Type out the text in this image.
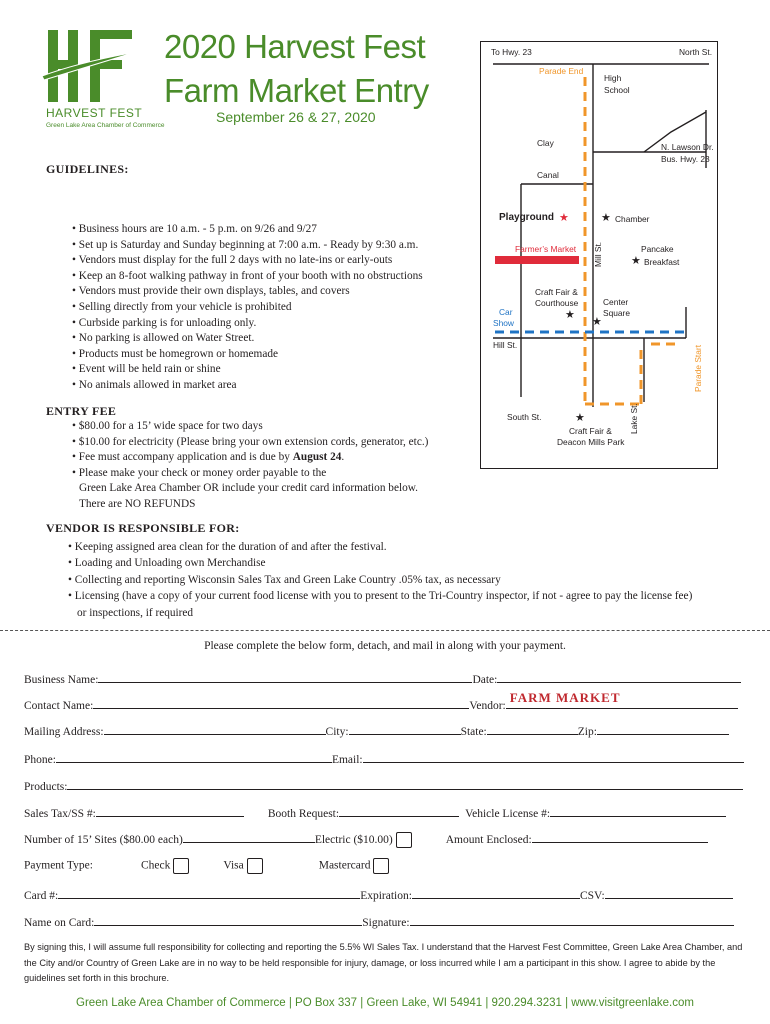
HARVEST FEST
Green Lake Area Chamber of Commerce
2020 Harvest Fest
Farm Market Entry
September 26 & 27, 2020
GUIDELINES:
• Business hours are 10 a.m. - 5 p.m. on 9/26 and 9/27
• Set up is Saturday and Sunday beginning at 7:00 a.m. - Ready by 9:30 a.m.
• Vendors must display for the full 2 days with no late-ins or early-outs
• Keep an 8-foot walking pathway in front of your booth with no obstructions
• Vendors must provide their own displays, tables, and covers
• Selling directly from your vehicle is prohibited
• Curbside parking is for unloading only.
• No parking is allowed on Water Street.
• Products must be homegrown or homemade
• Event will be held rain or shine
• No animals allowed in market area
ENTRY FEE
• $80.00 for a 15’ wide space for two days
• $10.00 for electricity (Please bring your own extension cords, generator, etc.)
• Fee must accompany application and is due by August 24.
• Please make your check or money order payable to the
Green Lake Area Chamber OR include your credit card information below.
There are NO REFUNDS
VENDOR IS RESPONSIBLE FOR:
• Keeping assigned area clean for the duration of and after the festival.
• Loading and Unloading own Merchandise
• Collecting and reporting Wisconsin Sales Tax and Green Lake Country .05% tax, as necessary
• Licensing (have a copy of your current food license with you to present to the Tri-Country inspector, if not - agree to pay the license fee)
or inspections, if required
To Hwy. 23	North St.
Parade End
High School
Clay	N. Lawson Dr.
Bus. Hwy. 23
Canal
Playground ★	★ Chamber
Farmer’s Market	Pancake
★ Breakfast
Mill St.
Craft Fair &
Courthouse
★
Center
Square
★
Car
Show
Hill St.	Parade Start
South St.	★	Lake St.
Craft Fair &
Deacon Mills Park
Please complete the below form, detach, and mail in along with your payment.
Business Name:	Date:
Contact Name:	Vendor:
FARM MARKET
Mailing Address:	City:	State:	Zip:
Phone:	Email:
Products:
Sales Tax/SS #:	Booth Request:	Vehicle License #:
Number of 15’ Sites ($80.00 each)	Electric ($10.00)	Amount Enclosed:
Payment Type:	Check	Visa	Mastercard
Card #:	Expiration:	CSV:
Name on Card:	Signature:
By signing this, I will assume full responsibility for collecting and reporting the 5.5% WI Sales Tax. I understand that the Harvest Fest Committee, Green Lake Area Chamber, and the City and/or Country of Green Lake are in no way to be held responsible for injury, damage, or loss incurred while I am a participant in this show. I agree to abide by the guidelines set forth in this brochure.
Green Lake Area Chamber of Commerce | PO Box 337 | Green Lake, WI 54941 | 920.294.3231 | www.visitgreenlake.com
